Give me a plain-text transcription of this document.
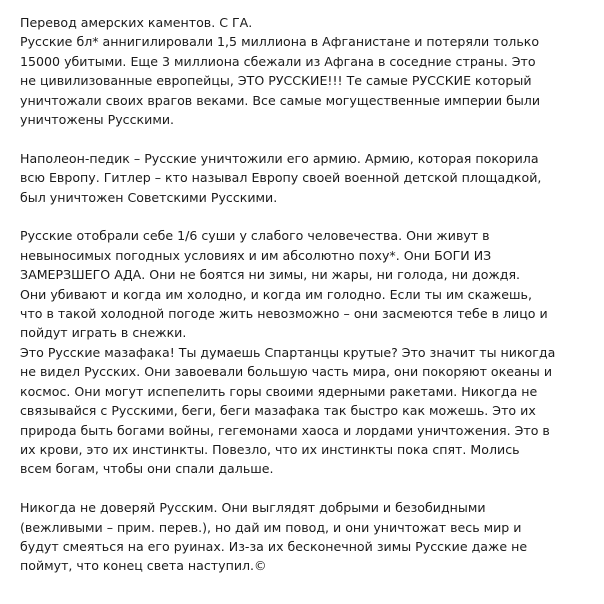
Перевод амерских каментов. С ГА.
Русские бл* аннигилировали 1,5 миллиона в Афганистане и потеряли только
15000 убитыми. Еще 3 миллиона сбежали из Афгана в соседние страны. Это
не цивилизованные европейцы, ЭТО РУССКИЕ!!! Те самые РУССКИЕ который
уничтожали своих врагов веками. Все самые могущественные империи были
уничтожены Русскими.

Наполеон-педик – Русские уничтожили его армию. Армию, которая покорила
всю Европу. Гитлер – кто называл Европу своей военной детской площадкой,
был уничтожен Советскими Русскими.

Русские отобрали себе 1/6 суши у слабого человечества. Они живут в
невыносимых погодных условиях и им абсолютно поху*. Они БОГИ ИЗ
ЗАМЕРЗШЕГО АДА. Они не боятся ни зимы, ни жары, ни голода, ни дождя.
Они убивают и когда им холодно, и когда им голодно. Если ты им скажешь,
что в такой холодной погоде жить невозможно – они засмеются тебе в лицо и
пойдут играть в снежки.
Это Русские мазафака! Ты думаешь Спартанцы крутые? Это значит ты никогда
не видел Русских. Они завоевали большую часть мира, они покоряют океаны и
космос. Они могут испепелить горы своими ядерными ракетами. Никогда не
связывайся с Русскими, беги, беги мазафака так быстро как можешь. Это их
природа быть богами войны, гегемонами хаоса и лордами уничтожения. Это в
их крови, это их инстинкты. Повезло, что их инстинкты пока спят. Молись
всем богам, чтобы они спали дальше.

Никогда не доверяй Русским. Они выглядят добрыми и безобидными
(вежливыми – прим. перев.), но дай им повод, и они уничтожат весь мир и
будут смеяться на его руинах. Из-за их бесконечной зимы Русские даже не
поймут, что конец света наступил.©
